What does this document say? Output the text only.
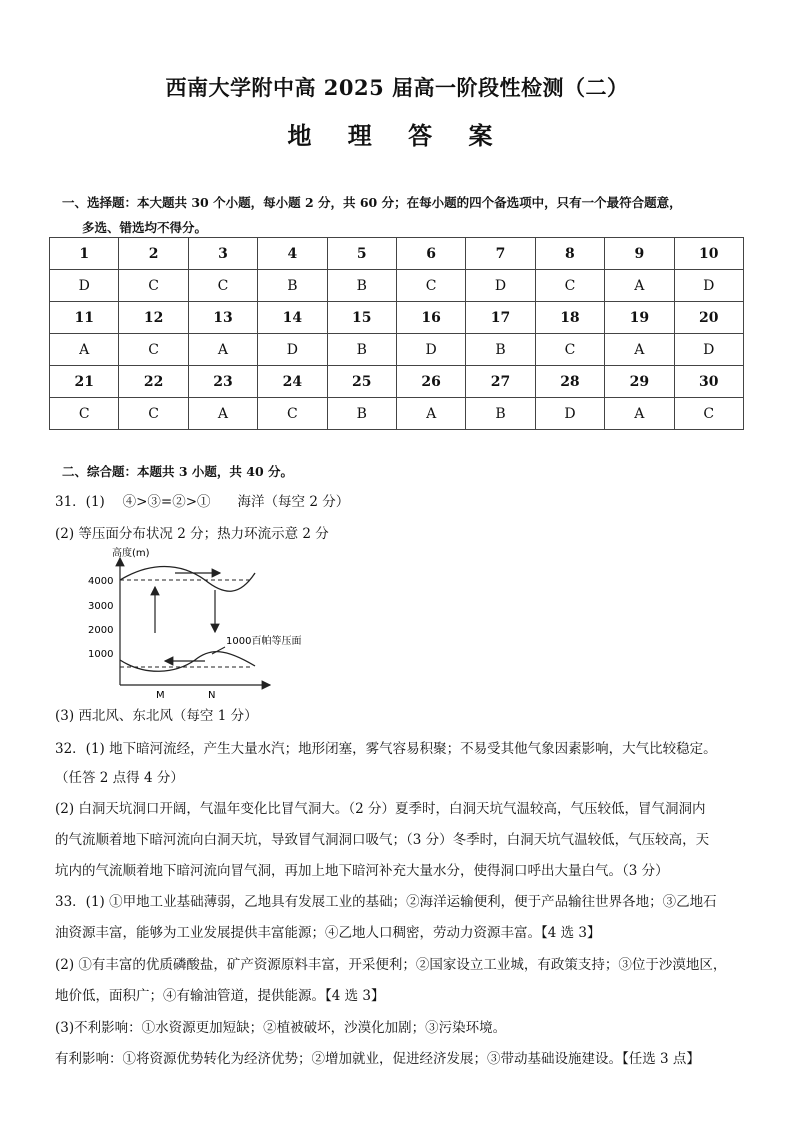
西南大学附中高 2025 届高一阶段性检测（二）
地 理 答 案
一、选择题：本大题共 30 个小题，每小题 2 分，共 60 分；在每小题的四个备选项中，只有一个最符合题意，
多选、错选均不得分。
1	2	3	4	5	6	7	8	9	10
D	C	C	B	B	C	D	C	A	D
11	12	13	14	15	16	17	18	19	20
A	C	A	D	B	D	B	C	A	D
21	22	23	24	25	26	27	28	29	30
C	C	A	C	B	A	B	D	A	C
二、综合题：本题共 3 小题，共 40 分。
31．(1)　 ④>③=②>①　　海洋（每空 2 分）
(2) 等压面分布状况 2 分；热力环流示意 2 分
高度(m)
4000
3000
2000
1000
1000百帕等压面
M	N
(3) 西北风、东北风（每空 1 分）
32．(1) 地下暗河流经，产生大量水汽；地形闭塞，雾气容易积聚；不易受其他气象因素影响，大气比较稳定。
（任答 2 点得 4 分）
(2) 白洞天坑洞口开阔，气温年变化比冒气洞大。（2 分）夏季时，白洞天坑气温较高，气压较低，冒气洞洞内
的气流顺着地下暗河流向白洞天坑，导致冒气洞洞口吸气；（3 分）冬季时，白洞天坑气温较低，气压较高，天
坑内的气流顺着地下暗河流向冒气洞，再加上地下暗河补充大量水分，使得洞口呼出大量白气。（3 分）
33．(1) ①甲地工业基础薄弱，乙地具有发展工业的基础；②海洋运输便利，便于产品输往世界各地；③乙地石
油资源丰富，能够为工业发展提供丰富能源；④乙地人口稠密，劳动力资源丰富。【4 选 3】
(2) ①有丰富的优质磷酸盐，矿产资源原料丰富，开采便利；②国家设立工业城，有政策支持；③位于沙漠地区，
地价低，面积广；④有输油管道，提供能源。【4 选 3】
(3)不利影响：①水资源更加短缺；②植被破坏，沙漠化加剧；③污染环境。
有利影响：①将资源优势转化为经济优势；②增加就业，促进经济发展；③带动基础设施建设。【任选 3 点】
